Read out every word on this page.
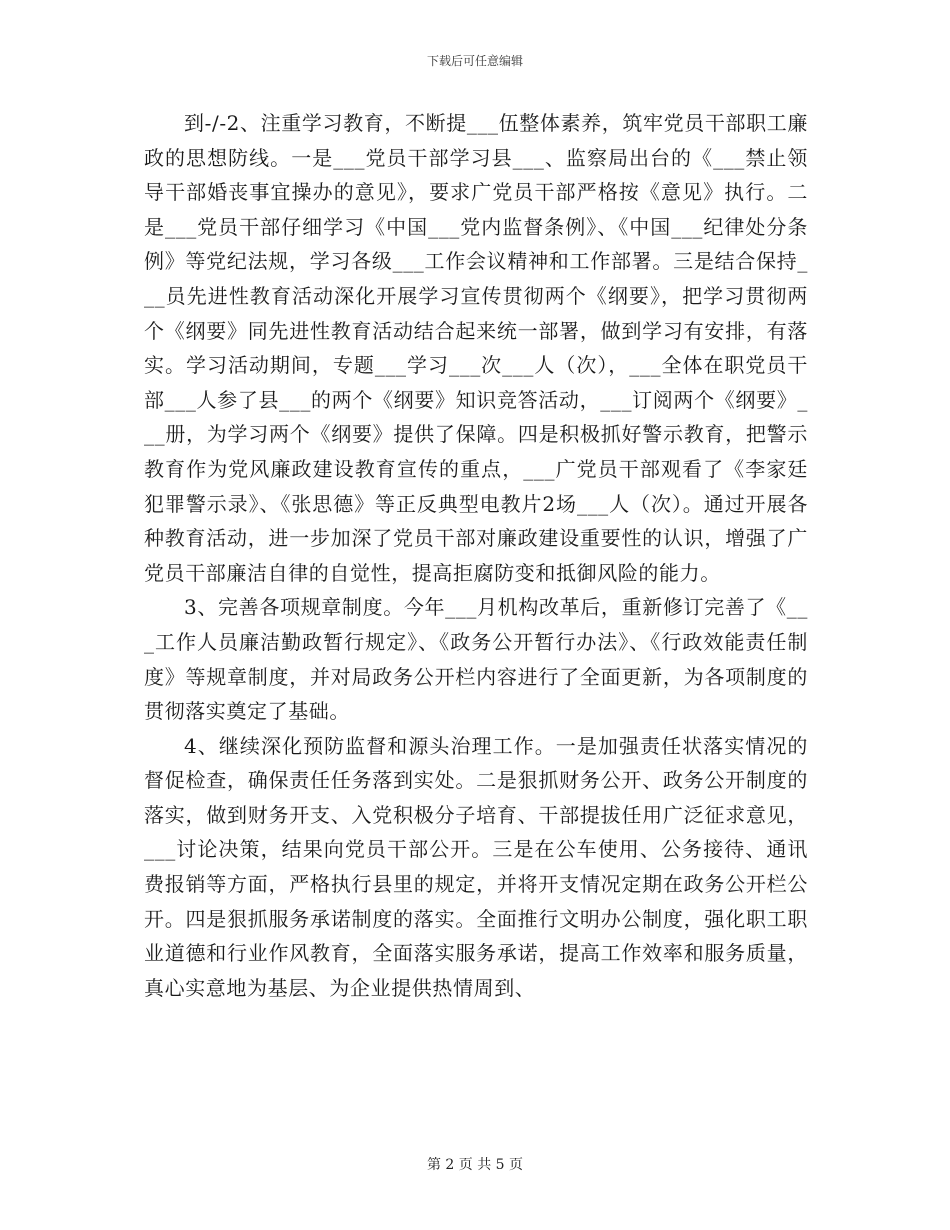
下载后可任意编辑

到-/-2、注重学习教育，不断提___伍整体素养，筑牢党员干部职工廉政的思想防线。一是___党员干部学习县___、监察局出台的《___禁止领导干部婚丧事宜操办的意见》，要求广党员干部严格按《意见》执行。二是___党员干部仔细学习《中国___党内监督条例》、《中国___纪律处分条例》等党纪法规，学习各级___工作会议精神和工作部署。三是结合保持___员先进性教育活动深化开展学习宣传贯彻两个《纲要》，把学习贯彻两个《纲要》同先进性教育活动结合起来统一部署，做到学习有安排，有落实。学习活动期间，专题___学习___次___人（次），___全体在职党员干部___人参了县___的两个《纲要》知识竞答活动，___订阅两个《纲要》___册，为学习两个《纲要》提供了保障。四是积极抓好警示教育，把警示教育作为党风廉政建设教育宣传的重点，___广党员干部观看了《李家廷犯罪警示录》、《张思德》等正反典型电教片2场___人（次）。通过开展各种教育活动，进一步加深了党员干部对廉政建设重要性的认识，增强了广党员干部廉洁自律的自觉性，提高拒腐防变和抵御风险的能力。

3、完善各项规章制度。今年___月机构改革后，重新修订完善了《___工作人员廉洁勤政暂行规定》、《政务公开暂行办法》、《行政效能责任制度》等规章制度，并对局政务公开栏内容进行了全面更新，为各项制度的贯彻落实奠定了基础。

4、继续深化预防监督和源头治理工作。一是加强责任状落实情况的督促检查，确保责任任务落到实处。二是狠抓财务公开、政务公开制度的落实，做到财务开支、入党积极分子培育、干部提拔任用广泛征求意见，___讨论决策，结果向党员干部公开。三是在公车使用、公务接待、通讯费报销等方面，严格执行县里的规定，并将开支情况定期在政务公开栏公开。四是狠抓服务承诺制度的落实。全面推行文明办公制度，强化职工职业道德和行业作风教育，全面落实服务承诺，提高工作效率和服务质量，真心实意地为基层、为企业提供热情周到、

第 2 页 共 5 页
